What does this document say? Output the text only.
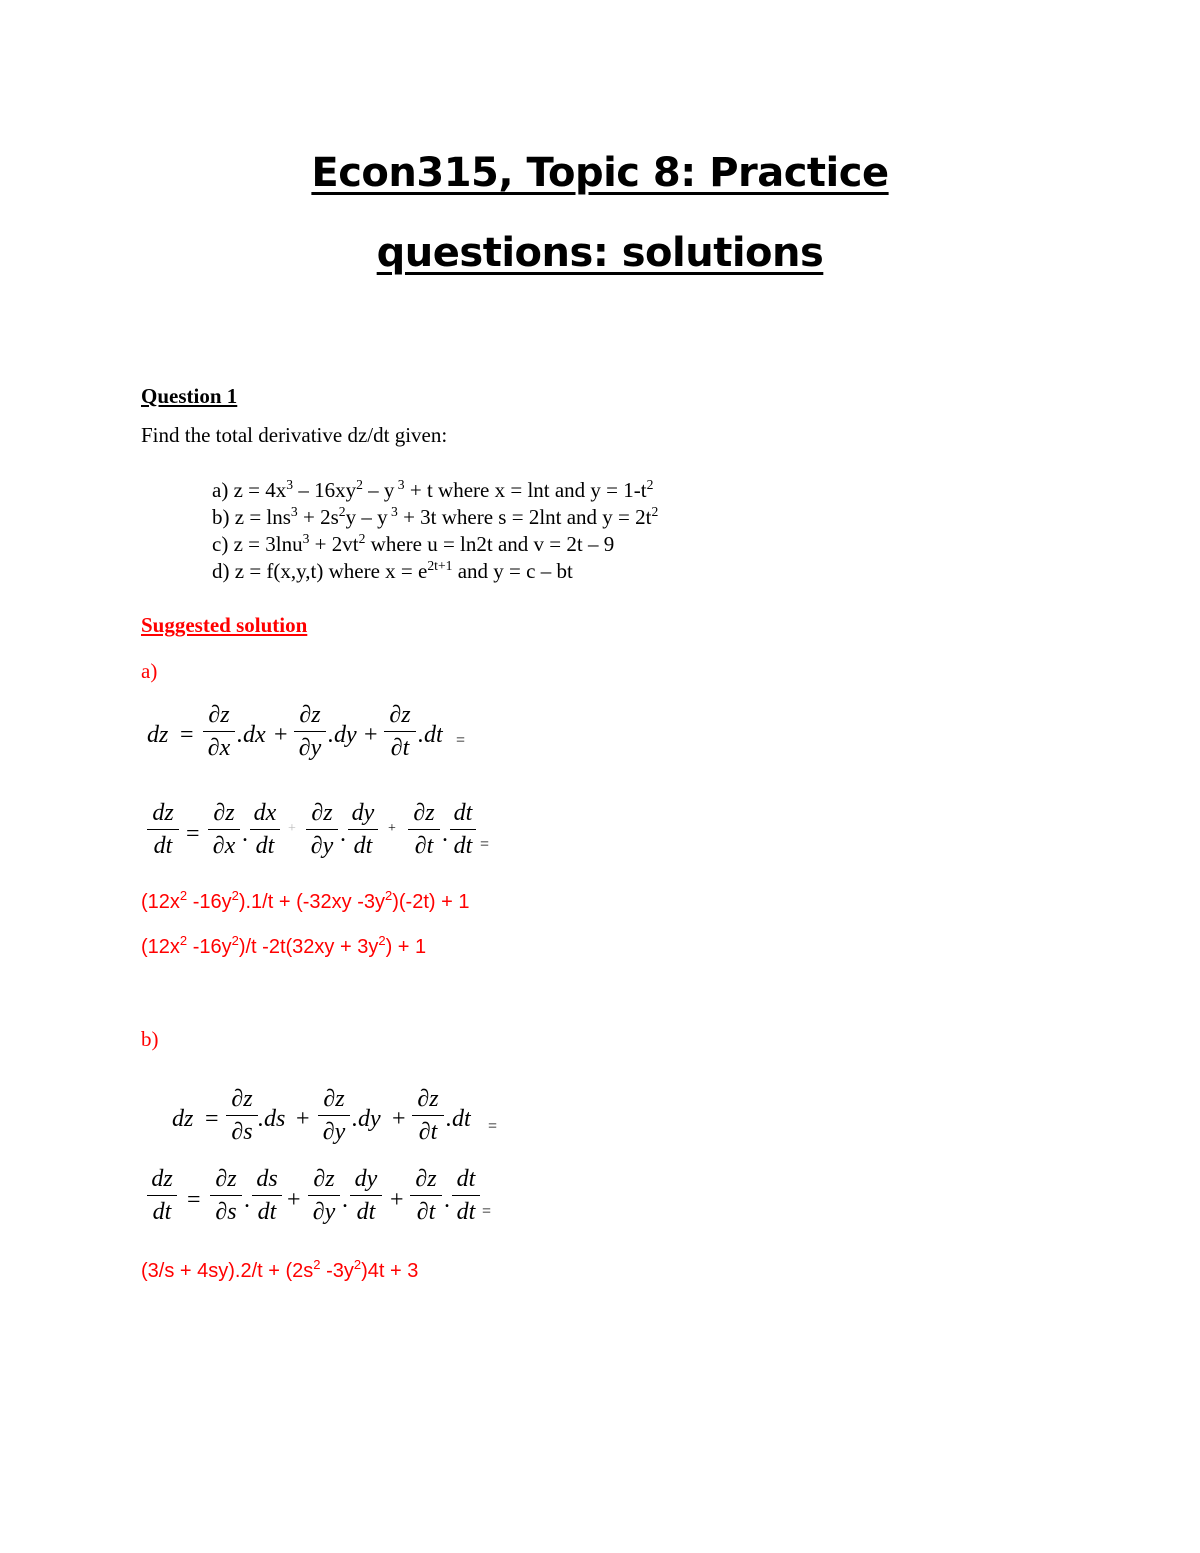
Econ315, Topic 8: Practice
questions: solutions
Question 1
Find the total derivative dz/dt given:
a) $z = 4x^3 - 16xy^2 - y$ $^3$ + t where x = lnt and $y = 1-t^2$
b) $z = \ln s^3 + 2s^2y - y$ $^3$ + 3t where s = 2lnt and $y = 2t^2$
c) $z = 3\ln u^3 + 2vt^2$ where u = ln2t and v = 2t – 9
d) z = f(x,y,t) where $x = e^{2t+1}$ and y = c – bt
Suggested solution
a)
dz =
∂z
∂x .dx +
∂z
∂y .dy +
∂z
∂t .dt =
dz
dt =
∂z
∂x .
dx
dt
+
∂z
∂y .
dy
dt
+
∂z
∂t .
dt
dt =
($12x^2$ $-16y^2).1/t + (-32xy$ $-3y^2)(-2t) + 1$
($12x^2$ $-16y^2)/t$ $-2t(32xy + 3y^2) + 1$
b)
dz =
∂z
∂s .ds +
∂z
∂y .dy +
∂z
∂t .dt =
dz
dt =
∂z
∂s .
ds
dt +
∂z
∂y .
dy
dt +
∂z
∂t .
dt
dt =
$(3/s + 4sy).2/t + (2s^2$ $-3y^2)4t + 3$
